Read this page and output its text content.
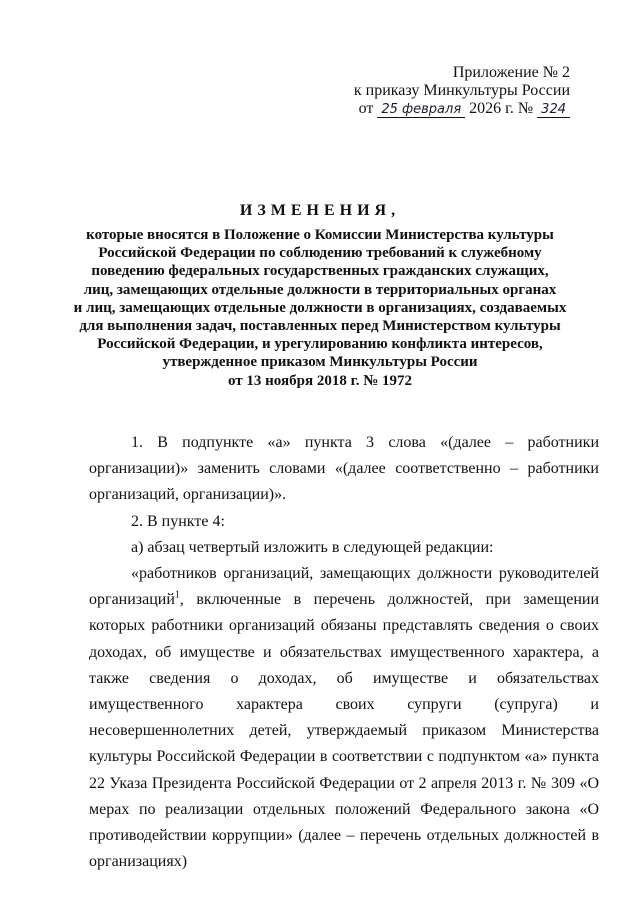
Приложение № 2
к приказу Минкультуры России
от 25 февраля 2026 г. № 324
ИЗМЕНЕНИЯ,
которые вносятся в Положение о Комиссии Министерства культуры
Российской Федерации по соблюдению требований к служебному
поведению федеральных государственных гражданских служащих,
лиц, замещающих отдельные должности в территориальных органах
и лиц, замещающих отдельные должности в организациях, создаваемых
для выполнения задач, поставленных перед Министерством культуры
Российской Федерации, и урегулированию конфликта интересов,
утвержденное приказом Минкультуры России
от 13 ноября 2018 г. № 1972

1. В подпункте «а» пункта 3 слова «(далее – работники организации)» заменить словами «(далее соответственно – работники организаций, организации)».

2. В пункте 4:

а) абзац четвертый изложить в следующей редакции:

«работников организаций, замещающих должности руководителей организаций$^1$, включенные в перечень должностей, при замещении которых работники организаций обязаны представлять сведения о своих доходах, об имуществе и обязательствах имущественного характера, а также сведения о доходах, об имуществе и обязательствах имущественного характера своих супруги (супруга) и несовершеннолетних детей, утверждаемый приказом Министерства культуры Российской Федерации в соответствии с подпунктом «а» пункта 22 Указа Президента Российской Федерации от 2 апреля 2013 г. № 309 «О мерах по реализации отдельных положений Федерального закона «О противодействии коррупции» (далее – перечень отдельных должностей в организациях)
